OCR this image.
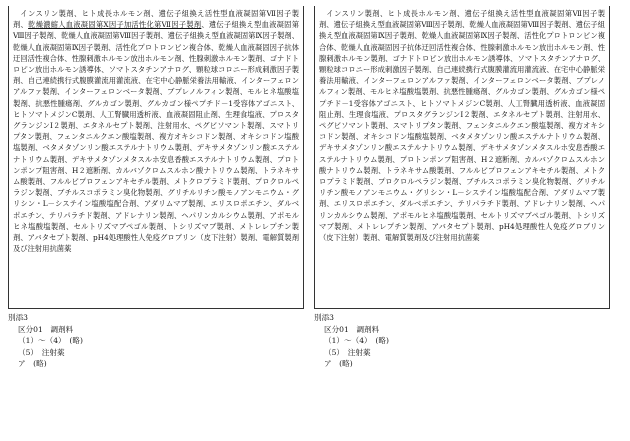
インスリン製剤、ヒト成長ホルモン剤、遺伝子組換え活性型血液凝固第Ⅶ因子製剤、乾燥濃縮人血液凝固第Ⅹ因子加活性化第Ⅶ因子製剤、遺伝子組換え型血液凝固第Ⅷ因子製剤、乾燥人血液凝固第Ⅷ因子製剤、遺伝子組換え型血液凝固第Ⅸ因子製剤、乾燥人血液凝固第Ⅸ因子製剤、活性化プロトロンビン複合体、乾燥人血液凝固因子抗体迂回活性複合体、性腺刺激ホルモン放出ホルモン剤、性腺刺激ホルモン製剤、ゴナドトロピン放出ホルモン誘導体、ソマトスタチンアナログ、顆粒球コロニー形成刺激因子製剤、自己連続携行式腹膜灌流用灌流液、在宅中心静脈栄養法用輸液、インターフェロンアルファ製剤、インターフェロンベータ製剤、ブプレノルフィン製剤、モルヒネ塩酸塩製剤、抗悪性腫瘍剤、グルカゴン製剤、グルカゴン様ペプチド－1受容体アゴニスト、ヒトソマトメジンC製剤、人工腎臓用透析液、血液凝固阻止剤、生理食塩液、プロスタグランジンI２製剤、エタネルセプト製剤、注射用水、ペグビソマント製剤、スマトリプタン製剤、フェンタニルクエン酸塩製剤、複方オキシコドン製剤、オキシコドン塩酸塩製剤、ベタメタゾンリン酸エステルナトリウム製剤、デキサメタゾンリン酸エステルナトリウム製剤、デキサメタゾンメタスルホ安息香酸エステルナトリウム製剤、プロトンポンプ阻害剤、H２遮断剤、カルバゾクロムスルホン酸ナトリウム製剤、トラネキサム酸製剤、フルルビプロフェンアキセチル製剤、メトクロプラミド製剤、プロクロルペラジン製剤、ブチルスコポラミン臭化物製剤、グリチルリチン酸モノアンモニウム・グリシン・L－システイン塩酸塩配合剤、アダリムマブ製剤、エリスロポエチン、ダルベポエチン、テリパラチド製剤、アドレナリン製剤、ヘパリンカルシウム製剤、アポモルヒネ塩酸塩製剤、セルトリズマブペゴル製剤、トシリズマブ製剤、メトレレプチン製剤、アバタセプト製剤、pH4処理酸性人免疫グロブリン（皮下注射）製剤、電解質製剤及び注射用抗菌薬

別添3
区分01　調剤料
（1）～（4）　(略)
（5）　注射薬
ア　(略)

インスリン製剤、ヒト成長ホルモン剤、遺伝子組換え活性型血液凝固第Ⅶ因子製剤、遺伝子組換え型血液凝固第Ⅷ因子製剤、乾燥人血液凝固第Ⅷ因子製剤、遺伝子組換え型血液凝固第Ⅸ因子製剤、乾燥人血液凝固第Ⅸ因子製剤、活性化プロトロンビン複合体、乾燥人血液凝固因子抗体迂回活性複合体、性腺刺激ホルモン放出ホルモン剤、性腺刺激ホルモン製剤、ゴナドトロピン放出ホルモン誘導体、ソマトスタチンアナログ、顆粒球コロニー形成刺激因子製剤、自己連続携行式腹膜灌流用灌流液、在宅中心静脈栄養法用輸液、インターフェロンアルファ製剤、インターフェロンベータ製剤、ブプレノルフィン製剤、モルヒネ塩酸塩製剤、抗悪性腫瘍剤、グルカゴン製剤、グルカゴン様ペプチド－1受容体アゴニスト、ヒトソマトメジンC製剤、人工腎臓用透析液、血液凝固阻止剤、生理食塩液、プロスタグランジンI２製剤、エタネルセプト製剤、注射用水、ペグビソマント製剤、スマトリプタン製剤、フェンタニルクエン酸塩製剤、複方オキシコドン製剤、オキシコドン塩酸塩製剤、ベタメタゾンリン酸エステルナトリウム製剤、デキサメタゾンリン酸エステルナトリウム製剤、デキサメタゾンメタスルホ安息香酸エステルナトリウム製剤、プロトンポンプ阻害剤、H２遮断剤、カルバゾクロムスルホン酸ナトリウム製剤、トラネキサム酸製剤、フルルビプロフェンアキセチル製剤、メトクロプラミド製剤、プロクロルペラジン製剤、ブチルスコポラミン臭化物製剤、グリチルリチン酸モノアンモニウム・グリシン・L－システイン塩酸塩配合剤、アダリムマブ製剤、エリスロポエチン、ダルベポエチン、テリパラチド製剤、アドレナリン製剤、ヘパリンカルシウム製剤、アポモルヒネ塩酸塩製剤、セルトリズマブペゴル製剤、トシリズマブ製剤、メトレレプチン製剤、アバタセプト製剤、pH4処理酸性人免疫グロブリン（皮下注射）製剤、電解質製剤及び注射用抗菌薬

別添3
区分01　調剤料
（1）～（4）　(略)
（5）　注射薬
ア　(略)
